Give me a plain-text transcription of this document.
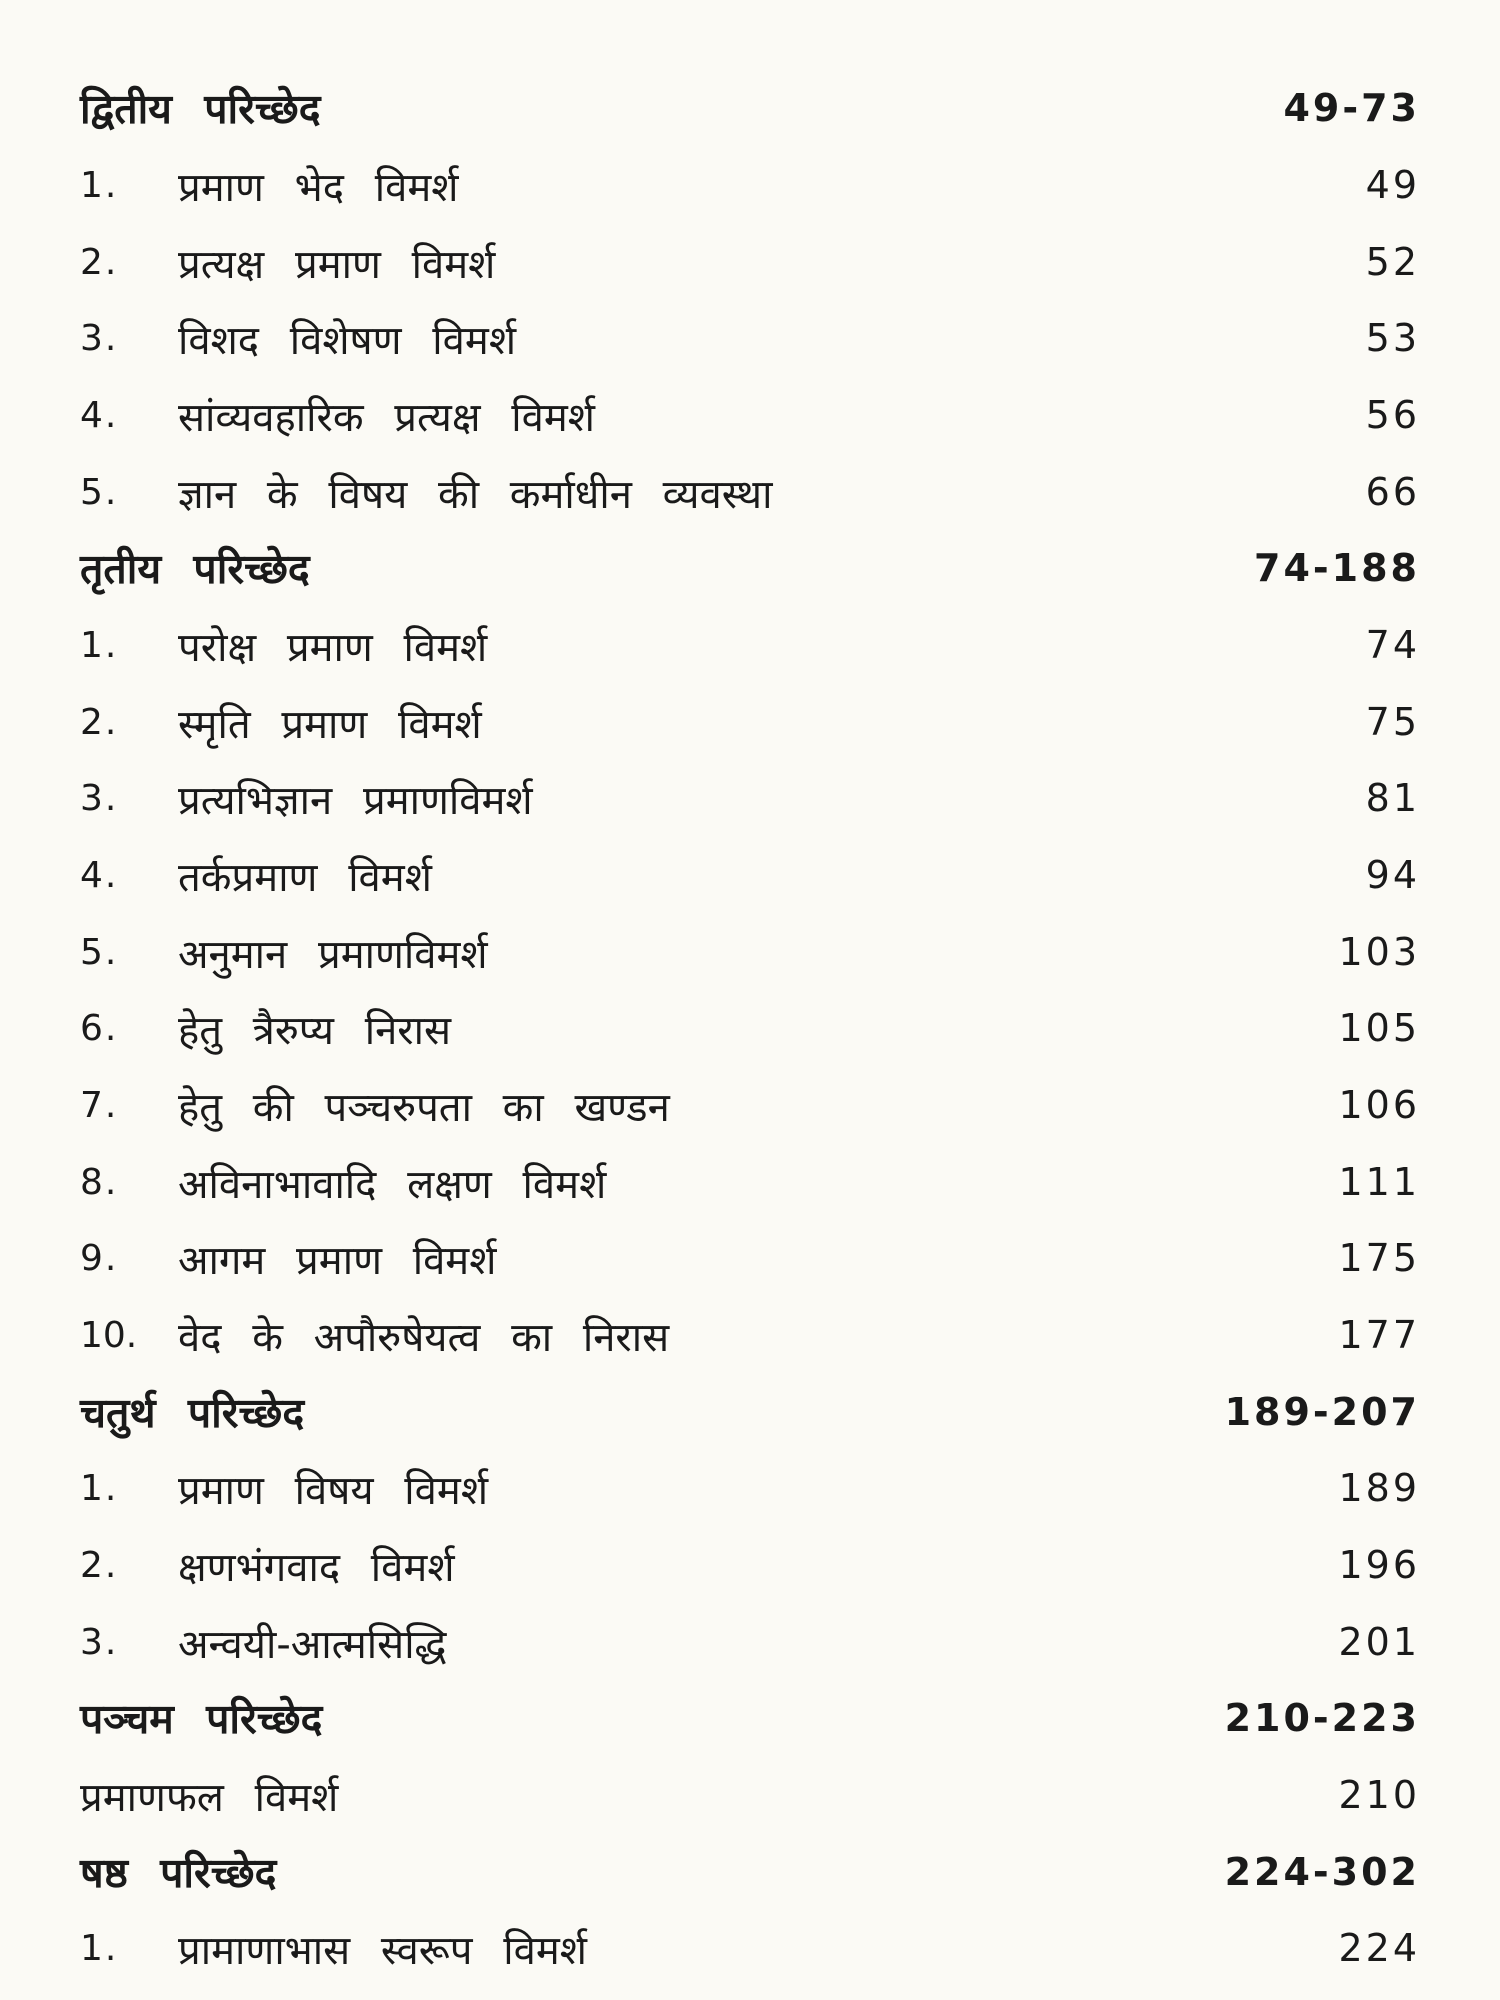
द्वितीय परिच्छेद	49-73
1.	प्रमाण भेद विमर्श	49
2.	प्रत्यक्ष प्रमाण विमर्श	52
3.	विशद विशेषण विमर्श	53
4.	सांव्यवहारिक प्रत्यक्ष विमर्श	56
5.	ज्ञान के विषय की कर्माधीन व्यवस्था	66
तृतीय परिच्छेद	74-188
1.	परोक्ष प्रमाण विमर्श	74
2.	स्मृति प्रमाण विमर्श	75
3.	प्रत्यभिज्ञान प्रमाणविमर्श	81
4.	तर्कप्रमाण विमर्श	94
5.	अनुमान प्रमाणविमर्श	103
6.	हेतु त्रैरुप्य निरास	105
7.	हेतु की पञ्चरुपता का खण्डन	106
8.	अविनाभावादि लक्षण विमर्श	111
9.	आगम प्रमाण विमर्श	175
10.	वेद के अपौरुषेयत्व का निरास	177
चतुर्थ परिच्छेद	189-207
1.	प्रमाण विषय विमर्श	189
2.	क्षणभंगवाद विमर्श	196
3.	अन्वयी-आत्मसिद्धि	201
पञ्चम परिच्छेद	210-223
प्रमाणफल विमर्श	210
षष्ठ परिच्छेद	224-302
1.	प्रामाणाभास स्वरूप विमर्श	224
